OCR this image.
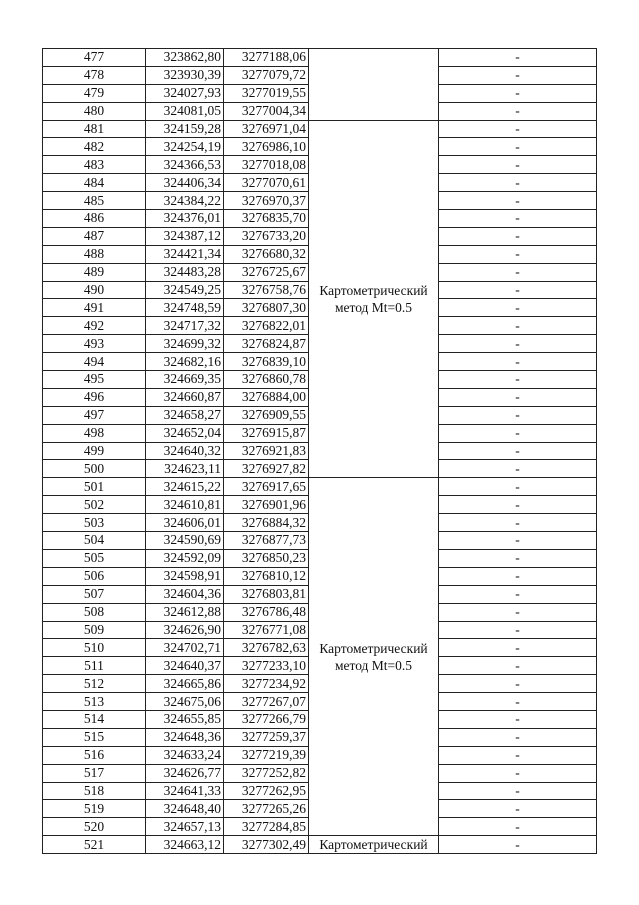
477	323862,80	3277188,06		-
478	323930,39	3277079,72		-
479	324027,93	3277019,55		-
480	324081,05	3277004,34		-
481	324159,28	3276971,04	Картометрический метод Mt=0.5	-
482	324254,19	3276986,10		-
483	324366,53	3277018,08		-
484	324406,34	3277070,61		-
485	324384,22	3276970,37		-
486	324376,01	3276835,70		-
487	324387,12	3276733,20		-
488	324421,34	3276680,32		-
489	324483,28	3276725,67		-
490	324549,25	3276758,76		-
491	324748,59	3276807,30		-
492	324717,32	3276822,01		-
493	324699,32	3276824,87		-
494	324682,16	3276839,10		-
495	324669,35	3276860,78		-
496	324660,87	3276884,00		-
497	324658,27	3276909,55		-
498	324652,04	3276915,87		-
499	324640,32	3276921,83		-
500	324623,11	3276927,82		-
501	324615,22	3276917,65	Картометрический метод Mt=0.5	-
502	324610,81	3276901,96		-
503	324606,01	3276884,32		-
504	324590,69	3276877,73		-
505	324592,09	3276850,23		-
506	324598,91	3276810,12		-
507	324604,36	3276803,81		-
508	324612,88	3276786,48		-
509	324626,90	3276771,08		-
510	324702,71	3276782,63		-
511	324640,37	3277233,10		-
512	324665,86	3277234,92		-
513	324675,06	3277267,07		-
514	324655,85	3277266,79		-
515	324648,36	3277259,37		-
516	324633,24	3277219,39		-
517	324626,77	3277252,82		-
518	324641,33	3277262,95		-
519	324648,40	3277265,26		-
520	324657,13	3277284,85		-
521	324663,12	3277302,49	Картометрический	-
